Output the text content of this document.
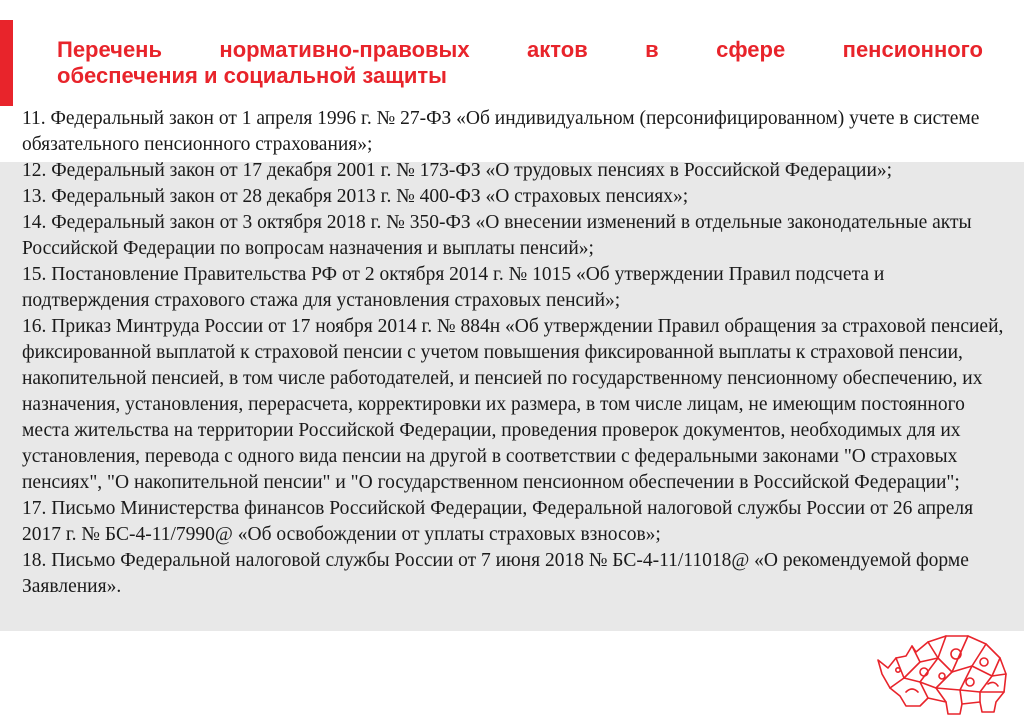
Перечень нормативно-правовых актов в сфере пенсионного
обеспечения и социальной защиты

11. Федеральный закон от 1 апреля 1996 г. № 27-ФЗ «Об индивидуальном (персонифицированном) учете в системе обязательного пенсионного страхования»;

12. Федеральный закон от 17 декабря 2001 г. № 173-ФЗ «О трудовых пенсиях в Российской Федерации»;

13. Федеральный закон от 28 декабря 2013 г. № 400-ФЗ «О страховых пенсиях»;

14. Федеральный закон от 3 октября 2018 г. № 350-ФЗ «О внесении изменений в отдельные законодательные акты Российской Федерации по вопросам назначения и выплаты пенсий»;

15. Постановление Правительства РФ от 2 октября 2014 г. № 1015 «Об утверждении Правил подсчета и подтверждения страхового стажа для установления страховых пенсий»;

16. Приказ Минтруда России от 17 ноября 2014 г. № 884н «Об утверждении Правил обращения за страховой пенсией, фиксированной выплатой к страховой пенсии с учетом повышения фиксированной выплаты к страховой пенсии, накопительной пенсией, в том числе работодателей, и пенсией по государственному пенсионному обеспечению, их назначения, установления, перерасчета, корректировки их размера, в том числе лицам, не имеющим постоянного места жительства на территории Российской Федерации, проведения проверок документов, необходимых для их установления, перевода с одного вида пенсии на другой в соответствии с федеральными законами "О страховых пенсиях", "О накопительной пенсии" и "О государственном пенсионном обеспечении в Российской Федерации";

17. Письмо Министерства финансов Российской Федерации, Федеральной налоговой службы России от 26 апреля 2017 г. № БС-4-11/7990@ «Об освобождении от уплаты страховых взносов»;

18. Письмо Федеральной налоговой службы России от 7 июня 2018 № БС-4-11/11018@ «О рекомендуемой форме Заявления».
